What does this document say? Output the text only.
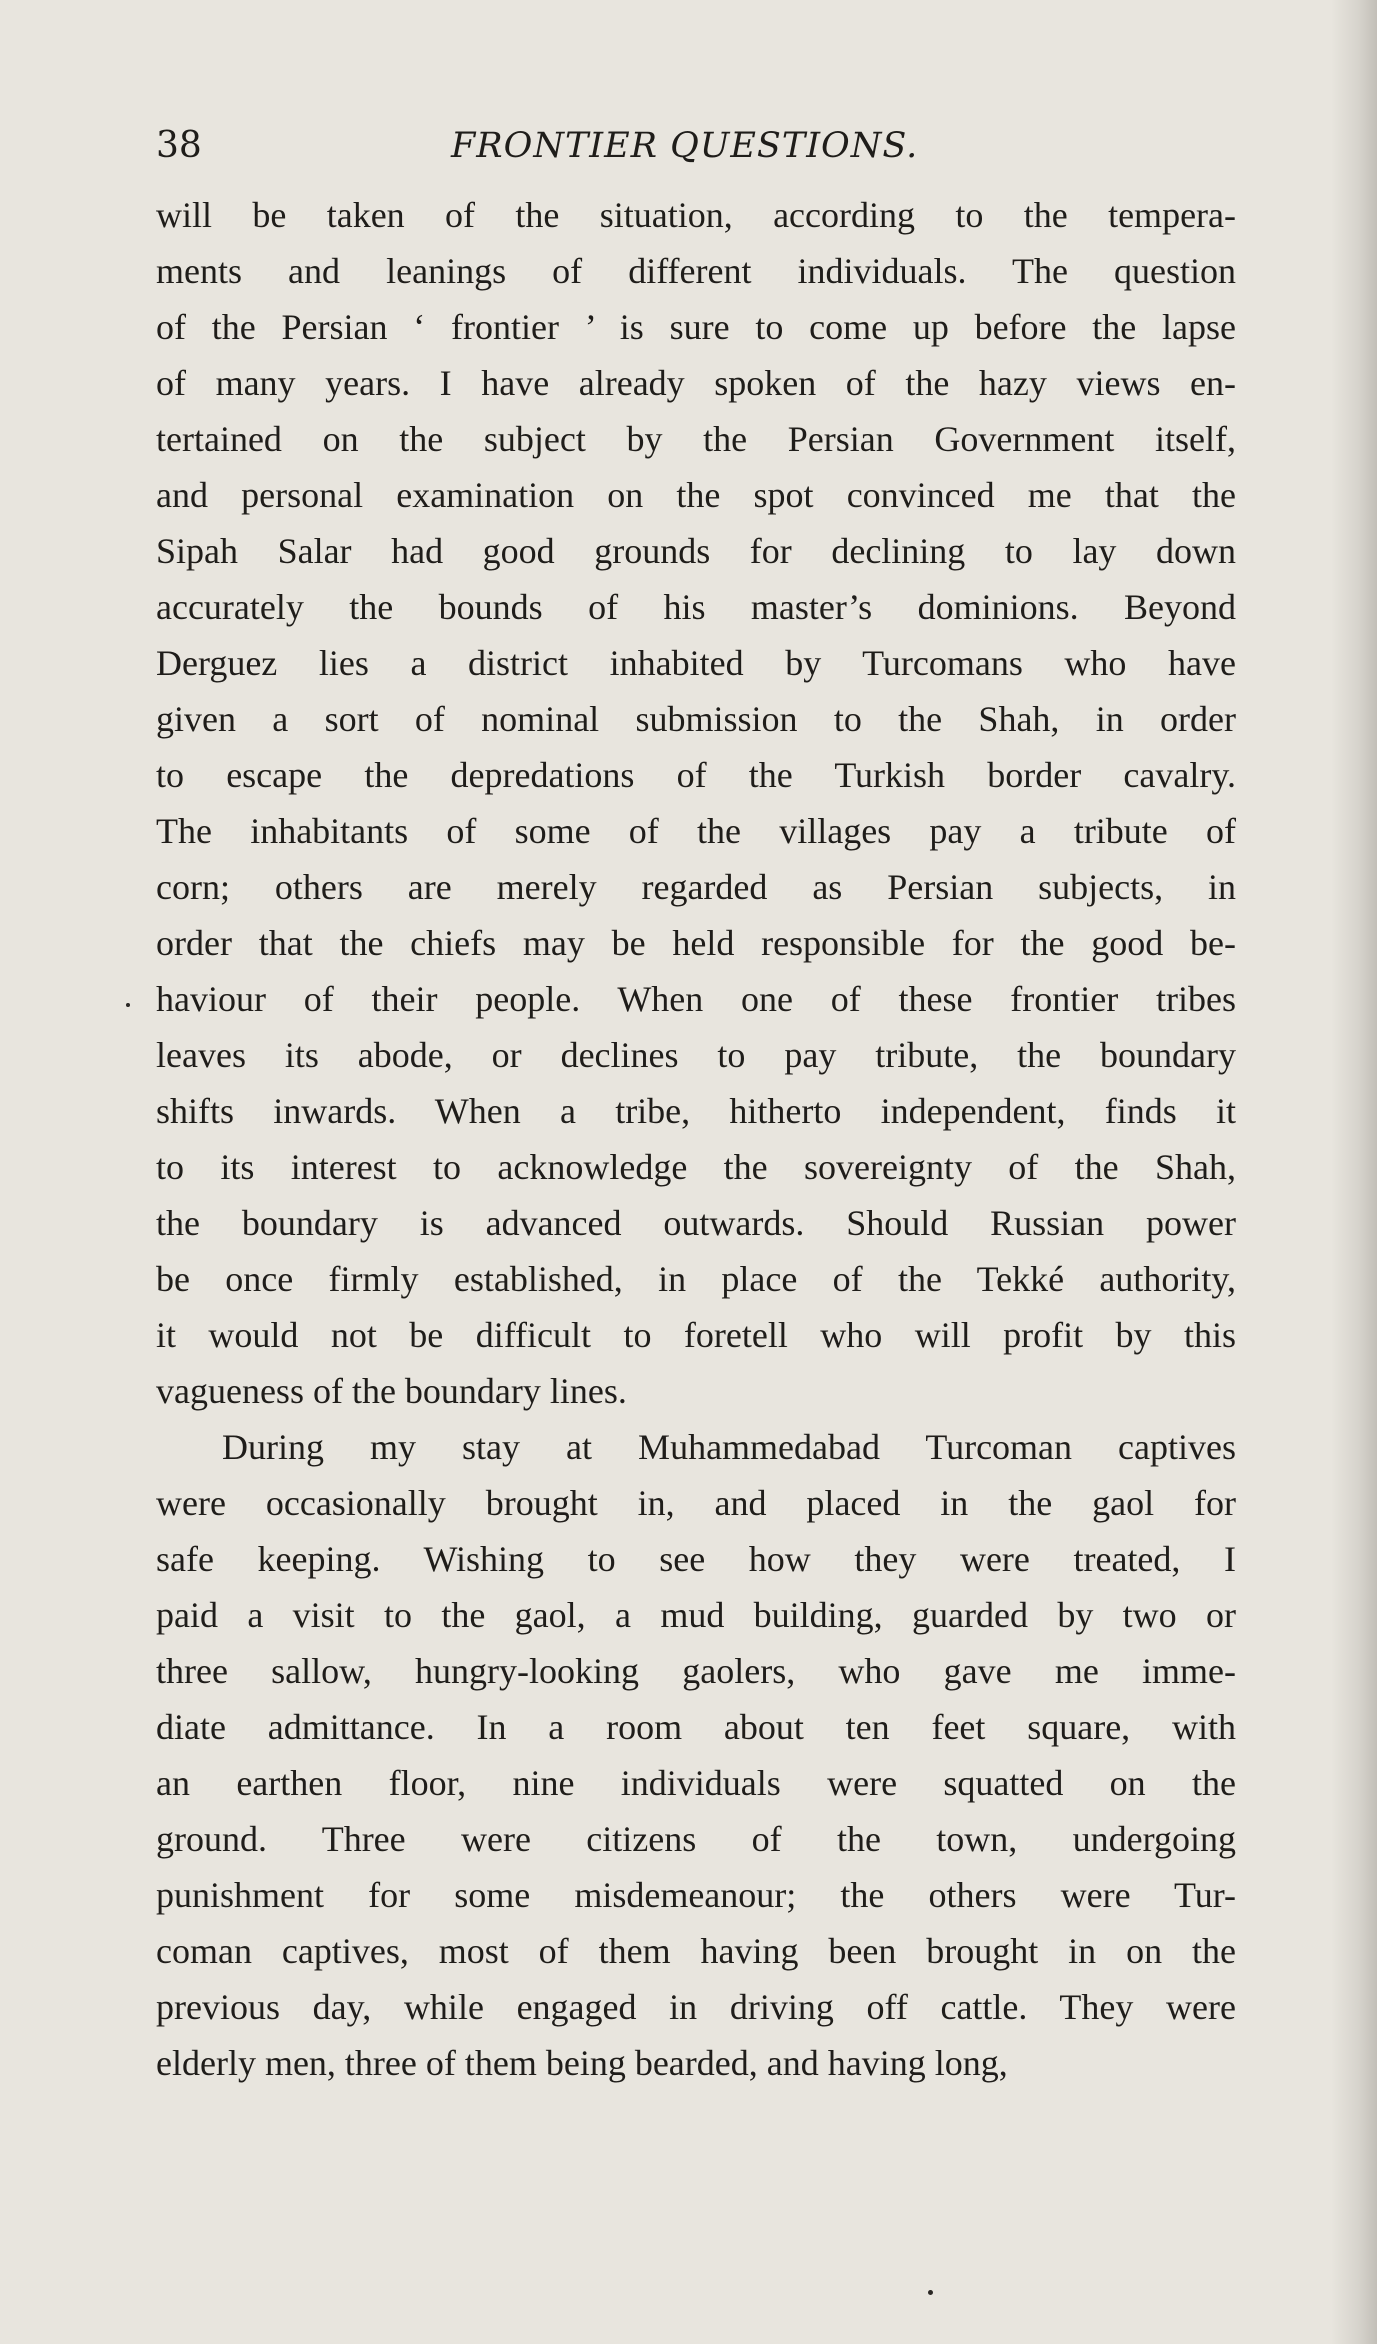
38	FRONTIER QUESTIONS.
will be taken of the situation, according to the tempera-
ments and leanings of different individuals. The question
of the Persian ‘ frontier ’ is sure to come up before the lapse
of many years. I have already spoken of the hazy views en-
tertained on the subject by the Persian Government itself,
and personal examination on the spot convinced me that the
Sipah Salar had good grounds for declining to lay down
accurately the bounds of his master’s dominions. Beyond
Derguez lies a district inhabited by Turcomans who have
given a sort of nominal submission to the Shah, in order
to escape the depredations of the Turkish border cavalry.
The inhabitants of some of the villages pay a tribute of
corn; others are merely regarded as Persian subjects, in
order that the chiefs may be held responsible for the good be-
haviour of their people. When one of these frontier tribes
leaves its abode, or declines to pay tribute, the boundary
shifts inwards. When a tribe, hitherto independent, finds it
to its interest to acknowledge the sovereignty of the Shah,
the boundary is advanced outwards. Should Russian power
be once firmly established, in place of the Tekké authority,
it would not be difficult to foretell who will profit by this
vagueness of the boundary lines.
During my stay at Muhammedabad Turcoman captives
were occasionally brought in, and placed in the gaol for
safe keeping. Wishing to see how they were treated, I
paid a visit to the gaol, a mud building, guarded by two or
three sallow, hungry-looking gaolers, who gave me imme-
diate admittance. In a room about ten feet square, with
an earthen floor, nine individuals were squatted on the
ground. Three were citizens of the town, undergoing
punishment for some misdemeanour; the others were Tur-
coman captives, most of them having been brought in on the
previous day, while engaged in driving off cattle. They were
elderly men, three of them being bearded, and having long,
